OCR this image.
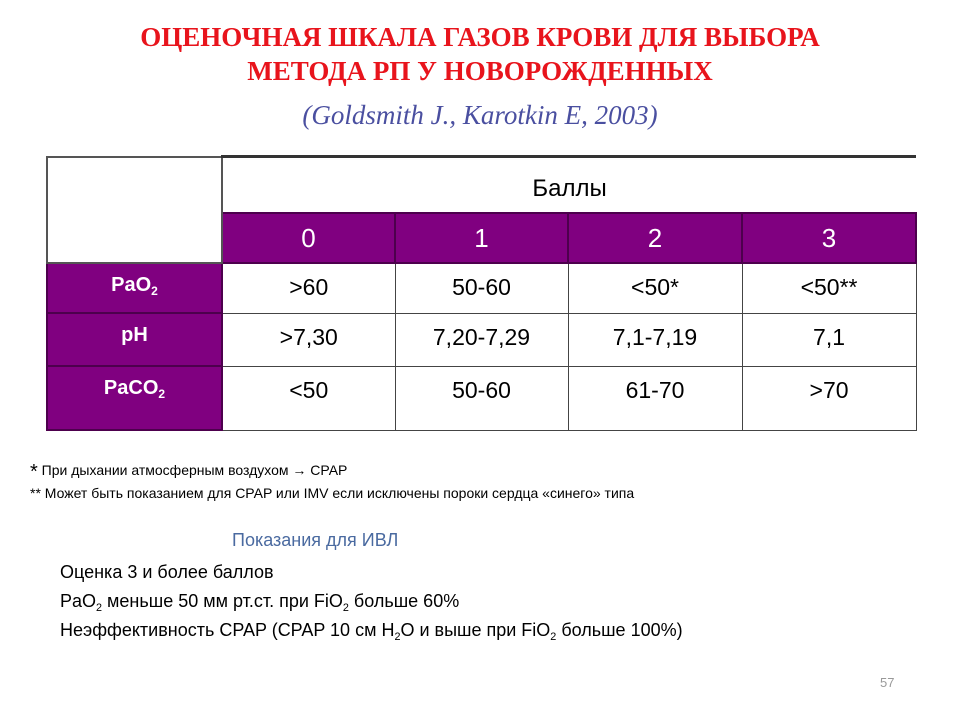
ОЦЕНОЧНАЯ ШКАЛА ГАЗОВ КРОВИ ДЛЯ ВЫБОРА
МЕТОДА РП У НОВОРОЖДЕННЫХ
(Goldsmith J., Karotkin E, 2003)
	Баллы			
	0	1	2	3
PaO$_2$	>60	50-60	<50*	<50**
pH	>7,30	7,20-7,29	7,1-7,19	7,1
PaCO$_2$	<50	50-60	61-70	>70
* При дыхании атмосферным воздухом → CPAP
** Может быть показанием для CPAP или IMV если исключены пороки сердца «синего» типа
Показания для ИВЛ
Оценка 3 и более баллов
PaO$_2$ меньше 50 мм рт.ст. при FiO$_2$ больше 60%
Неэффективность CPAP (CPAP 10 см $H_2O$ и выше при FiO$_2$ больше 100%)
57
